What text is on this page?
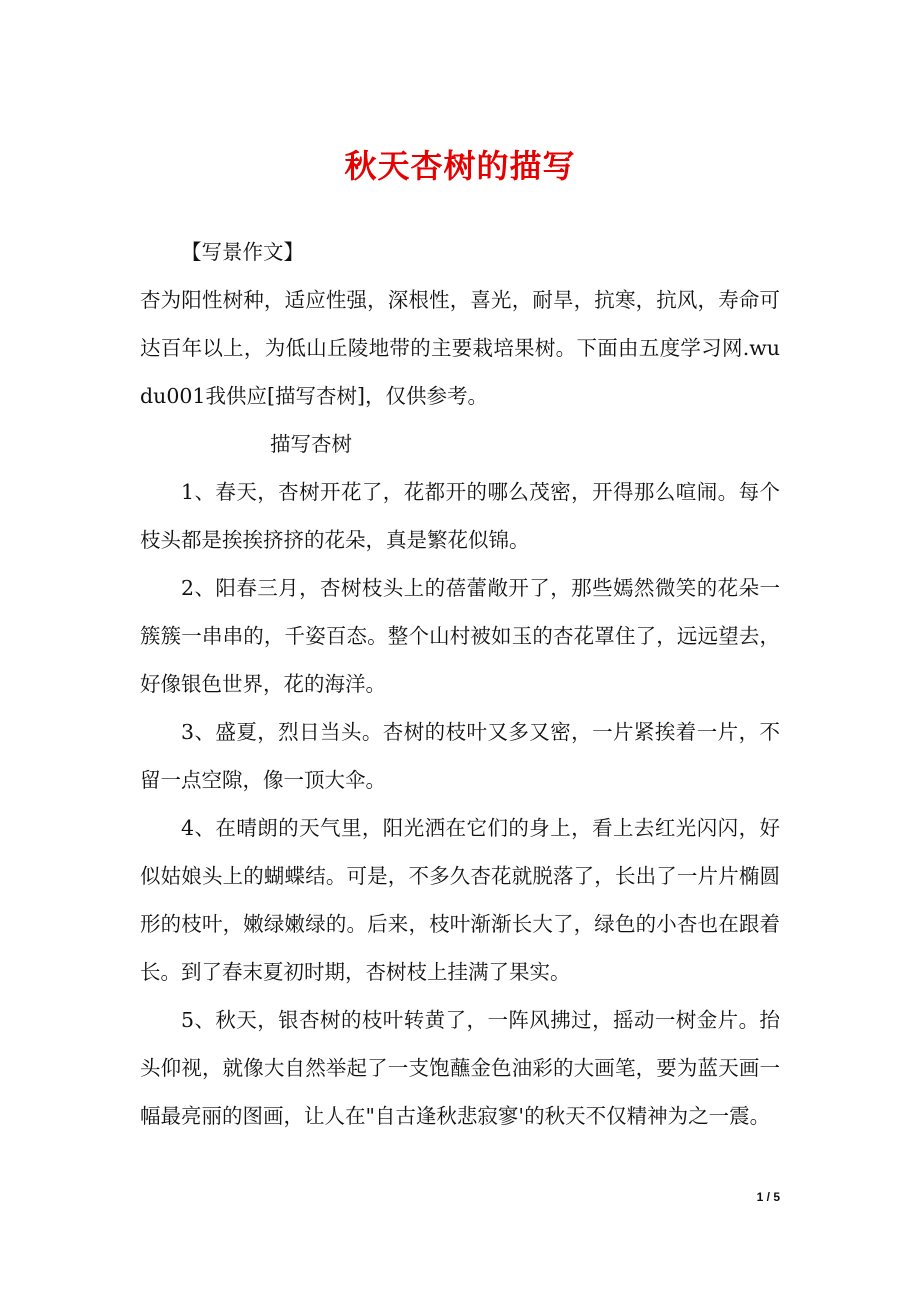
秋天杏树的描写

【写景作文】

杏为阳性树种，适应性强，深根性，喜光，耐旱，抗寒，抗风，寿命可达百年以上，为低山丘陵地带的主要栽培果树。下面由五度学习网.wudu001我供应[描写杏树]，仅供参考。

描写杏树

1、春天，杏树开花了，花都开的哪么茂密，开得那么喧闹。每个枝头都是挨挨挤挤的花朵，真是繁花似锦。

2、阳春三月，杏树枝头上的蓓蕾敞开了，那些嫣然微笑的花朵一簇簇一串串的，千姿百态。整个山村被如玉的杏花罩住了，远远望去，好像银色世界，花的海洋。

3、盛夏，烈日当头。杏树的枝叶又多又密，一片紧挨着一片，不留一点空隙，像一顶大伞。

4、在晴朗的天气里，阳光洒在它们的身上，看上去红光闪闪，好似姑娘头上的蝴蝶结。可是，不多久杏花就脱落了，长出了一片片椭圆形的枝叶，嫩绿嫩绿的。后来，枝叶渐渐长大了，绿色的小杏也在跟着长。到了春末夏初时期，杏树枝上挂满了果实。

5、秋天，银杏树的枝叶转黄了，一阵风拂过，摇动一树金片。抬头仰视，就像大自然举起了一支饱蘸金色油彩的大画笔，要为蓝天画一幅最亮丽的图画，让人在"自古逢秋悲寂寥'的秋天不仅精神为之一震。

1 / 5
